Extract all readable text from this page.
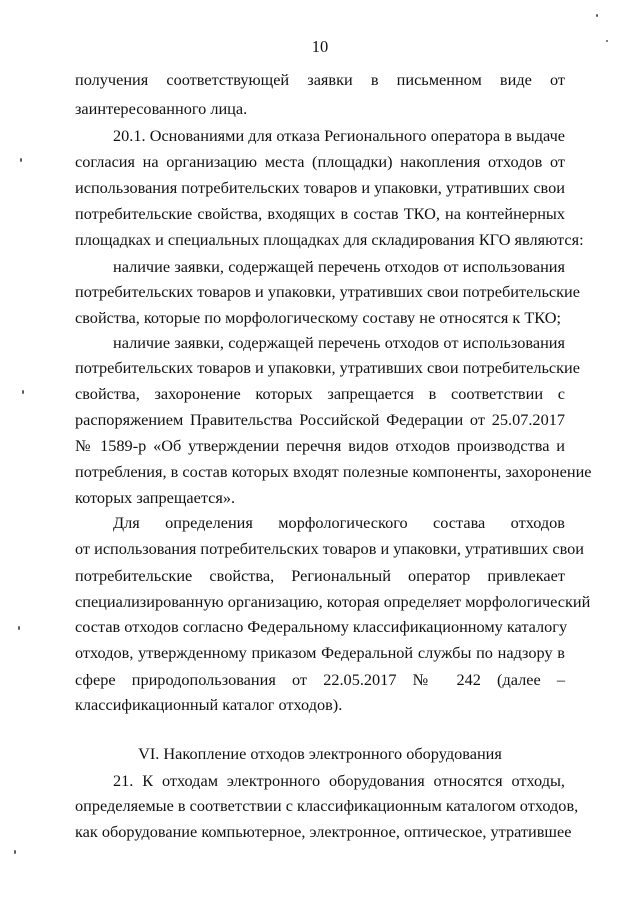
10
получения соответствующей заявки в письменном виде от
заинтересованного лица.
20.1. Основаниями для отказа Регионального оператора в выдаче
согласия на организацию места (площадки) накопления отходов от
использования потребительских товаров и упаковки, утративших свои
потребительские свойства, входящих в состав ТКО, на контейнерных
площадках и специальных площадках для складирования КГО являются:
наличие заявки, содержащей перечень отходов от использования
потребительских товаров и упаковки, утративших свои потребительские
свойства, которые по морфологическому составу не относятся к ТКО;
наличие заявки, содержащей перечень отходов от использования
потребительских товаров и упаковки, утративших свои потребительские
свойства, захоронение которых запрещается в соответствии с
распоряжением Правительства Российской Федерации от 25.07.2017
№ 1589-р «Об утверждении перечня видов отходов производства и
потребления, в состав которых входят полезные компоненты, захоронение
которых запрещается».
Для определения морфологического состава отходов
от использования потребительских товаров и упаковки, утративших свои
потребительские свойства, Региональный оператор привлекает
специализированную организацию, которая определяет морфологический
состав отходов согласно Федеральному классификационному каталогу
отходов, утвержденному приказом Федеральной службы по надзору в
сфере природопользования от 22.05.2017 № 242 (далее –
классификационный каталог отходов).
VI. Накопление отходов электронного оборудования
21. К отходам электронного оборудования относятся отходы,
определяемые в соответствии с классификационным каталогом отходов,
как оборудование компьютерное, электронное, оптическое, утратившее
